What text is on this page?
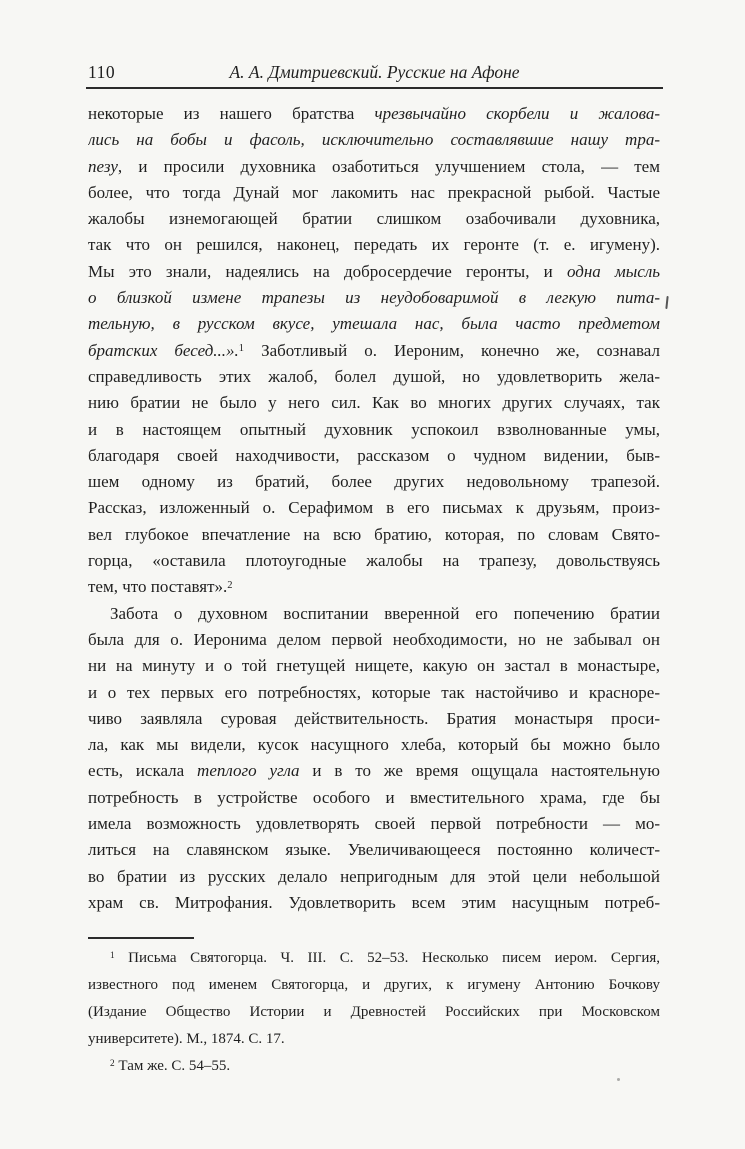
110	А. А. Дмитриевский. Русские на Афоне
некоторые из нашего братства чрезвычайно скорбели и жалова-
лись на бобы и фасоль, исключительно составлявшие нашу тра-
пезу, и просили духовника озаботиться улучшением стола, — тем
более, что тогда Дунай мог лакомить нас прекрасной рыбой. Частые
жалобы изнемогающей братии слишком озабочивали духовника,
так что он решился, наконец, передать их геронте (т. е. игумену).
Мы это знали, надеялись на добросердечие геронты, и одна мысль
о близкой измене трапезы из неудобоваримой в легкую пита-
тельную, в русском вкусе, утешала нас, была часто предметом
братских бесед...».$^1$ Заботливый о. Иероним, конечно же, сознавал
справедливость этих жалоб, болел душой, но удовлетворить жела-
нию братии не было у него сил. Как во многих других случаях, так
и в настоящем опытный духовник успокоил взволнованные умы,
благодаря своей находчивости, рассказом о чудном видении, быв-
шем одному из братий, более других недовольному трапезой.
Рассказ, изложенный о. Серафимом в его письмах к друзьям, произ-
вел глубокое впечатление на всю братию, которая, по словам Свято-
горца, «оставила плотоугодные жалобы на трапезу, довольствуясь
тем, что поставят».$^2$
Забота о духовном воспитании вверенной его попечению братии
была для о. Иеронима делом первой необходимости, но не забывал он
ни на минуту и о той гнетущей нищете, какую он застал в монастыре,
и о тех первых его потребностях, которые так настойчиво и красноре-
чиво заявляла суровая действительность. Братия монастыря проси-
ла, как мы видели, кусок насущного хлеба, который бы можно было
есть, искала теплого угла и в то же время ощущала настоятельную
потребность в устройстве особого и вместительного храма, где бы
имела возможность удовлетворять своей первой потребности — мо-
литься на славянском языке. Увеличивающееся постоянно количест-
во братии из русских делало непригодным для этой цели небольшой
храм св. Митрофания. Удовлетворить всем этим насущным потреб-
$^1$ Письма Святогорца. Ч. III. С. 52–53. Несколько писем иером. Сергия,
известного под именем Святогорца, и других, к игумену Антонию Бочкову
(Издание Общество Истории и Древностей Российских при Московском
университете). М., 1874. С. 17.
$^2$ Там же. С. 54–55.
